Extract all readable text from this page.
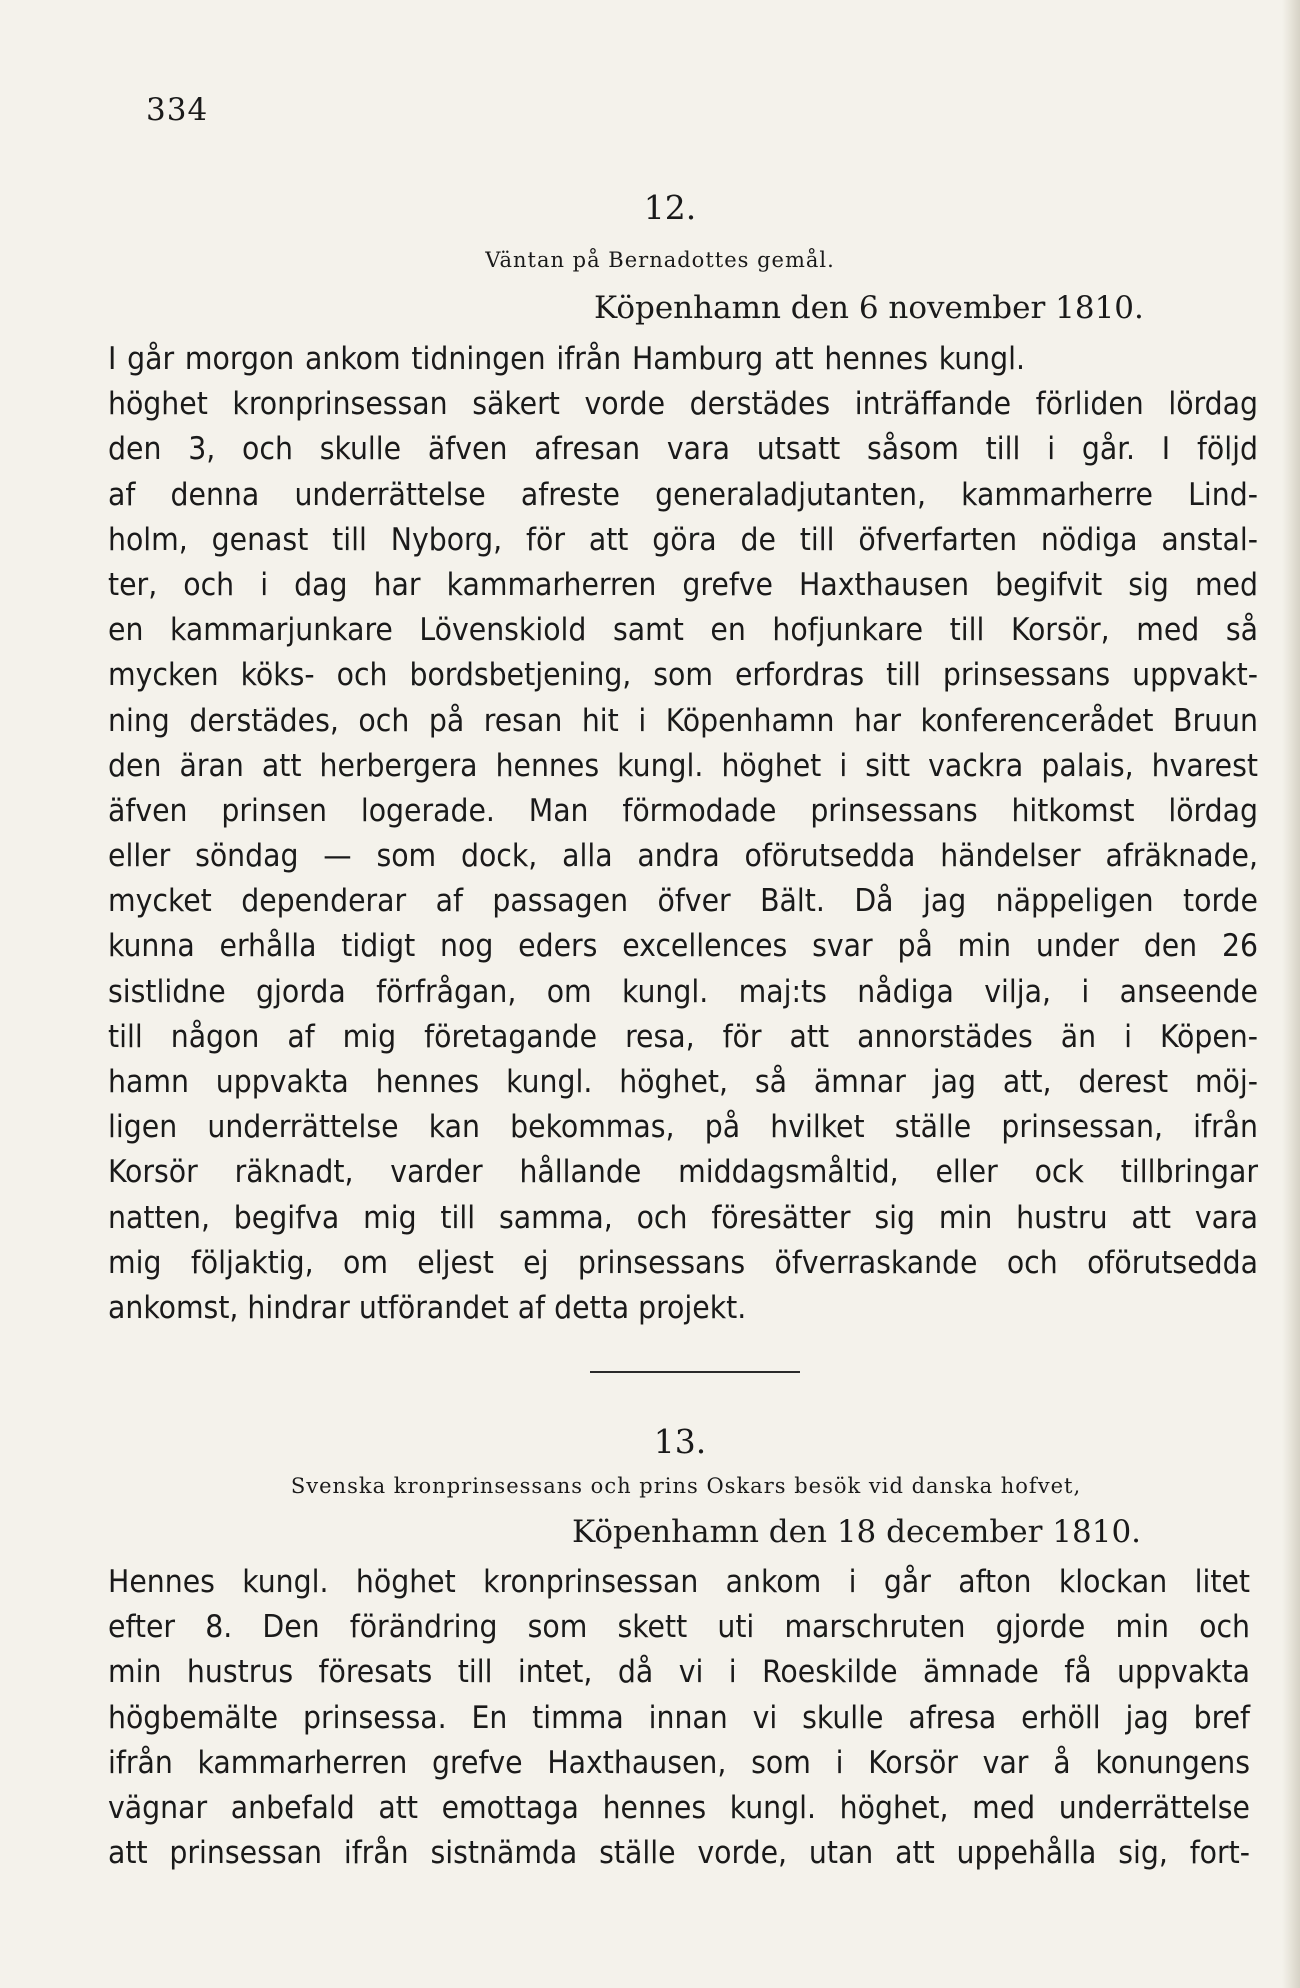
334
12.
Väntan på Bernadottes gemål.
Köpenhamn den 6 november 1810.
I går morgon ankom tidningen ifrån Hamburg att hennes kungl.
höghet kronprinsessan säkert vorde derstädes inträffande förliden lördag
den 3, och skulle äfven afresan vara utsatt såsom till i går. I följd
af denna underrättelse afreste generaladjutanten, kammarherre Lind-
holm, genast till Nyborg, för att göra de till öfverfarten nödiga anstal-
ter, och i dag har kammarherren grefve Haxthausen begifvit sig med
en kammarjunkare Lövenskiold samt en hofjunkare till Korsör, med så
mycken köks- och bordsbetjening, som erfordras till prinsessans uppvakt-
ning derstädes, och på resan hit i Köpenhamn har konferencerådet Bruun
den äran att herbergera hennes kungl. höghet i sitt vackra palais, hvarest
äfven prinsen logerade. Man förmodade prinsessans hitkomst lördag
eller söndag — som dock, alla andra oförutsedda händelser afräknade,
mycket dependerar af passagen öfver Bält. Då jag näppeligen torde
kunna erhålla tidigt nog eders excellences svar på min under den 26
sistlidne gjorda förfrågan, om kungl. maj:ts nådiga vilja, i anseende
till någon af mig företagande resa, för att annorstädes än i Köpen-
hamn uppvakta hennes kungl. höghet, så ämnar jag att, derest möj-
ligen underrättelse kan bekommas, på hvilket ställe prinsessan, ifrån
Korsör räknadt, varder hållande middagsmåltid, eller ock tillbringar
natten, begifva mig till samma, och föresätter sig min hustru att vara
mig följaktig, om eljest ej prinsessans öfverraskande och oförutsedda
ankomst, hindrar utförandet af detta projekt.
13.
Svenska kronprinsessans och prins Oskars besök vid danska hofvet,
Köpenhamn den 18 december 1810.
Hennes kungl. höghet kronprinsessan ankom i går afton klockan litet
efter 8. Den förändring som skett uti marschruten gjorde min och
min hustrus föresats till intet, då vi i Roeskilde ämnade få uppvakta
högbemälte prinsessa. En timma innan vi skulle afresa erhöll jag bref
ifrån kammarherren grefve Haxthausen, som i Korsör var å konungens
vägnar anbefald att emottaga hennes kungl. höghet, med underrättelse
att prinsessan ifrån sistnämda ställe vorde, utan att uppehålla sig, fort-
